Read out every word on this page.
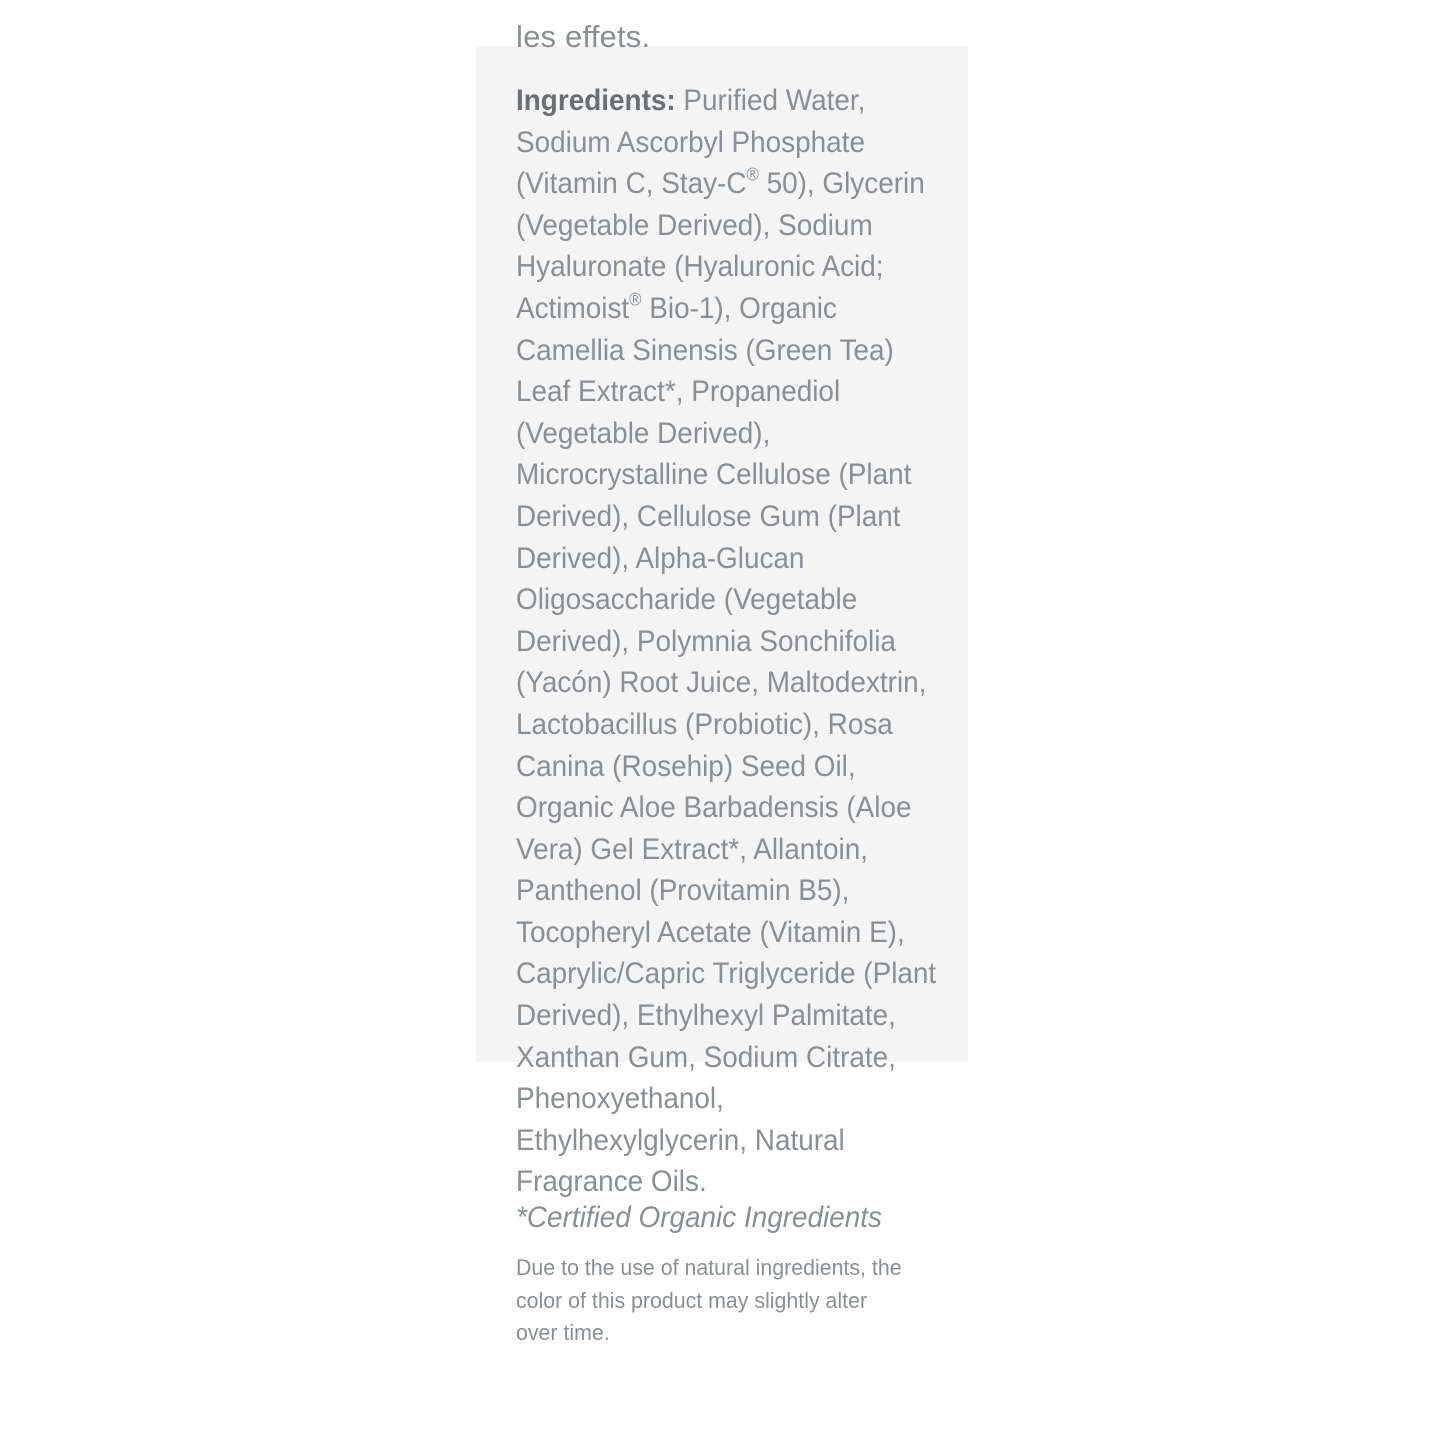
les effets.

Ingredients: Purified Water,
Sodium Ascorbyl Phosphate
(Vitamin C, Stay-C® 50), Glycerin
(Vegetable Derived), Sodium
Hyaluronate (Hyaluronic Acid;
Actimoist® Bio-1), Organic
Camellia Sinensis (Green Tea)
Leaf Extract*, Propanediol
(Vegetable Derived),
Microcrystalline Cellulose (Plant
Derived), Cellulose Gum (Plant
Derived), Alpha-Glucan
Oligosaccharide (Vegetable
Derived), Polymnia Sonchifolia
(Yacón) Root Juice, Maltodextrin,
Lactobacillus (Probiotic), Rosa
Canina (Rosehip) Seed Oil,
Organic Aloe Barbadensis (Aloe
Vera) Gel Extract*, Allantoin,
Panthenol (Provitamin B5),
Tocopheryl Acetate (Vitamin E),
Caprylic/Capric Triglyceride (Plant
Derived), Ethylhexyl Palmitate,
Xanthan Gum, Sodium Citrate,
Phenoxyethanol,
Ethylhexylglycerin, Natural
Fragrance Oils.

*Certified Organic Ingredients

Due to the use of natural ingredients, the
color of this product may slightly alter
over time.
